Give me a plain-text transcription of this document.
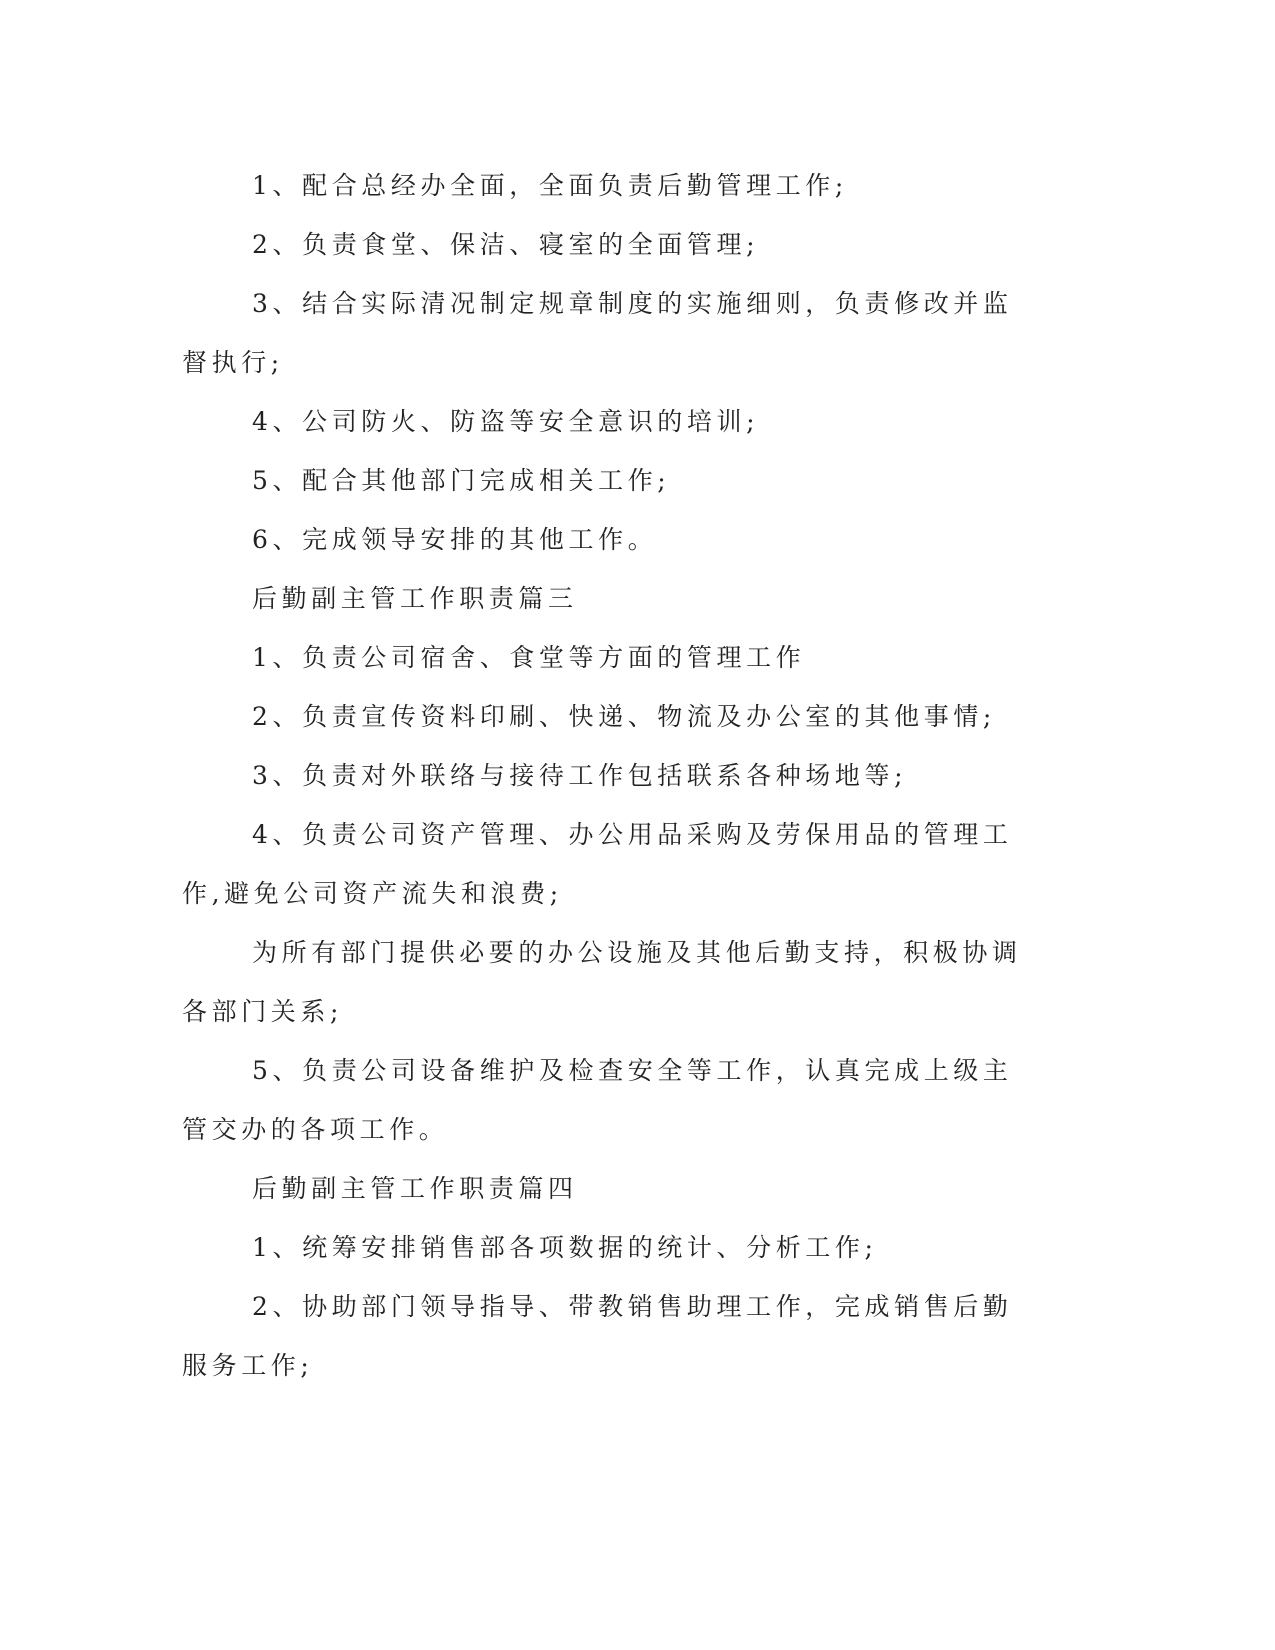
1、配合总经办全面，全面负责后勤管理工作;

2、负责食堂、保洁、寝室的全面管理;

3、结合实际清况制定规章制度的实施细则，负责修改并监督执行;

4、公司防火、防盗等安全意识的培训;

5、配合其他部门完成相关工作;

6、完成领导安排的其他工作。

后勤副主管工作职责篇三

1、负责公司宿舍、食堂等方面的管理工作

2、负责宣传资料印刷、快递、物流及办公室的其他事情;

3、负责对外联络与接待工作包括联系各种场地等;

4、负责公司资产管理、办公用品采购及劳保用品的管理工作,避免公司资产流失和浪费;

为所有部门提供必要的办公设施及其他后勤支持，积极协调各部门关系;

5、负责公司设备维护及检查安全等工作，认真完成上级主管交办的各项工作。

后勤副主管工作职责篇四

1、统筹安排销售部各项数据的统计、分析工作;

2、协助部门领导指导、带教销售助理工作，完成销售后勤服务工作;
